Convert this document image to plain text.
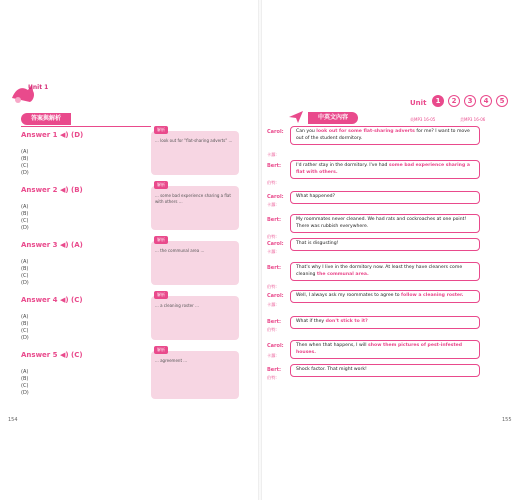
Unit 1
答案與解析
Answer 1 ◀) (D)
(A)
(B)
(C)
(D)
Answer 2 ◀) (B)
(A)
(B)
(C)
(D)
Answer 3 ◀) (A)
(A)
(B)
(C)
(D)
Answer 4 ◀) (C)
(A)
(B)
(C)
(D)
Answer 5 ◀) (C)
(A)
(B)
(C)
(D)
解析
... look out for "flat-sharing adverts" ...
解析
... some bad experience sharing a flat with others ...
解析
... the communal area ...
解析
... a cleaning roster ...
解析
... agreement ...
154
1
Unit	2	3	4	5
中英文內容	英MP3 16-05	美MP3 16-06
Carol:	Can you look out for some flat-sharing adverts for me? I want to move out of the student dormitory.
卡蘿:
Bert:	I'd rather stay in the dormitory. I've had some bad experience sharing a flat with others.
伯特:
Carol:	What happened?
卡蘿:
Bert:	My roommates never cleaned. We had rats and cockroaches at one point! There was rubbish everywhere.
伯特:
Carol:	That is disgusting!
卡蘿:
Bert:	That's why I live in the dormitory now. At least they have cleaners come cleaning the communal area.
伯特:
Carol:	Well, I always ask my roommates to agree to follow a cleaning roster.
卡蘿:
Bert:	What if they don't stick to it?
伯特:
Carol:	Then when that happens, I will show them pictures of pest-infested houses.
卡蘿:
Bert:	Shock factor. That might work!
伯特:
155
